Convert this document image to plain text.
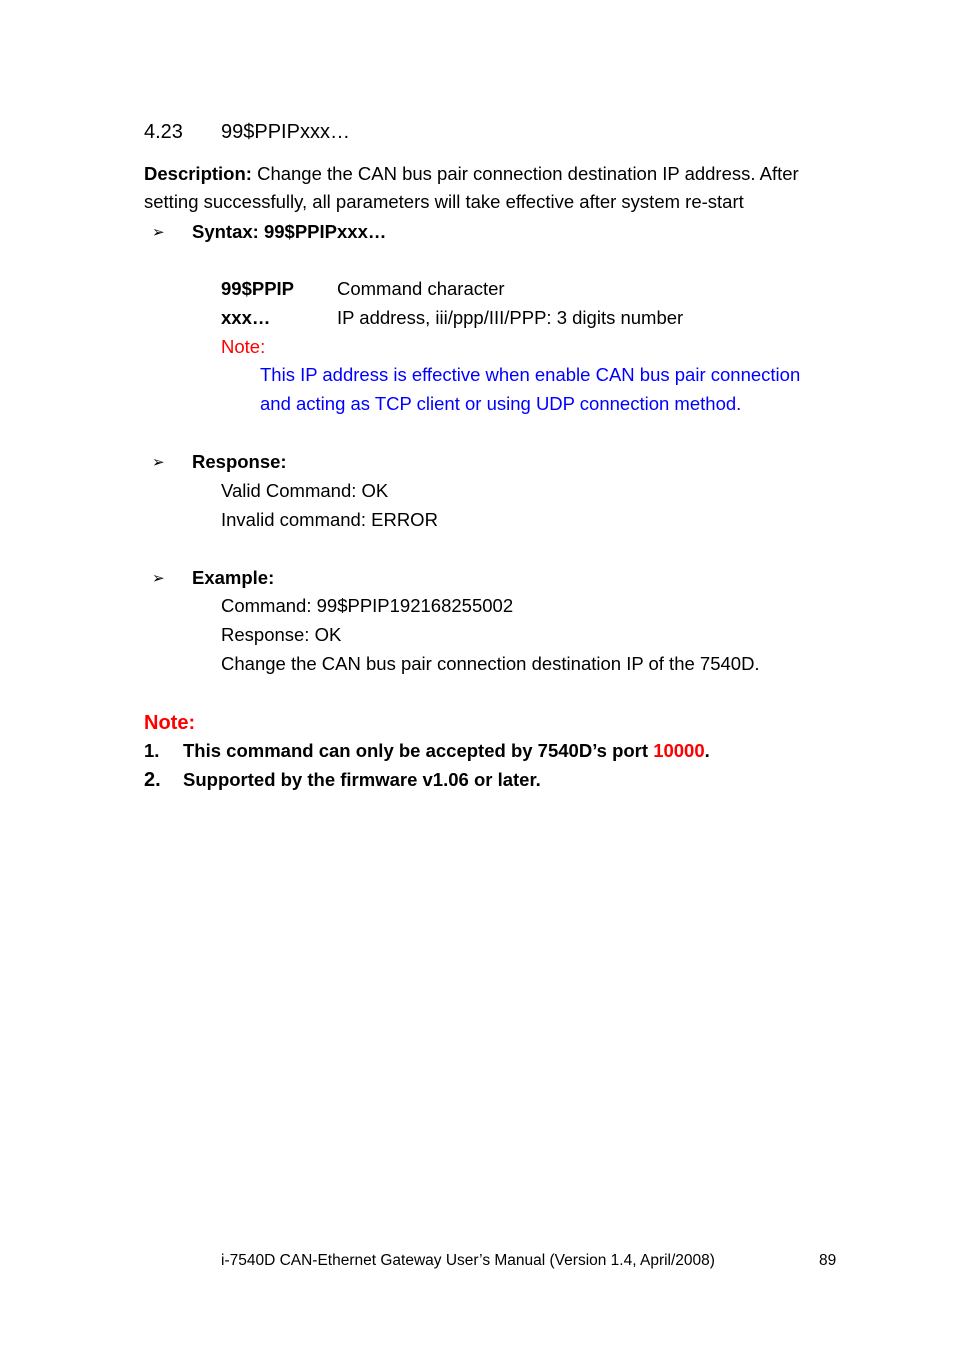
4.23 99$PPIPxxx…
Description: Change the CAN bus pair connection destination IP address. After
setting successfully, all parameters will take effective after system re-start
➢ Syntax: 99$PPIPxxx…
99$PPIP Command character
xxx…	IP address, iii/ppp/III/PPP: 3 digits number
Note:
This IP address is effective when enable CAN bus pair connection
and acting as TCP client or using UDP connection method.
➢ Response:
Valid Command: OK
Invalid command: ERROR
➢ Example:
Command: 99$PPIP192168255002
Response: OK
Change the CAN bus pair connection destination IP of the 7540D.
Note:
1. This command can only be accepted by 7540D’s port 10000.
2. Supported by the firmware v1.06 or later.
i-7540D CAN-Ethernet Gateway User’s Manual (Version 1.4, April/2008)	89
